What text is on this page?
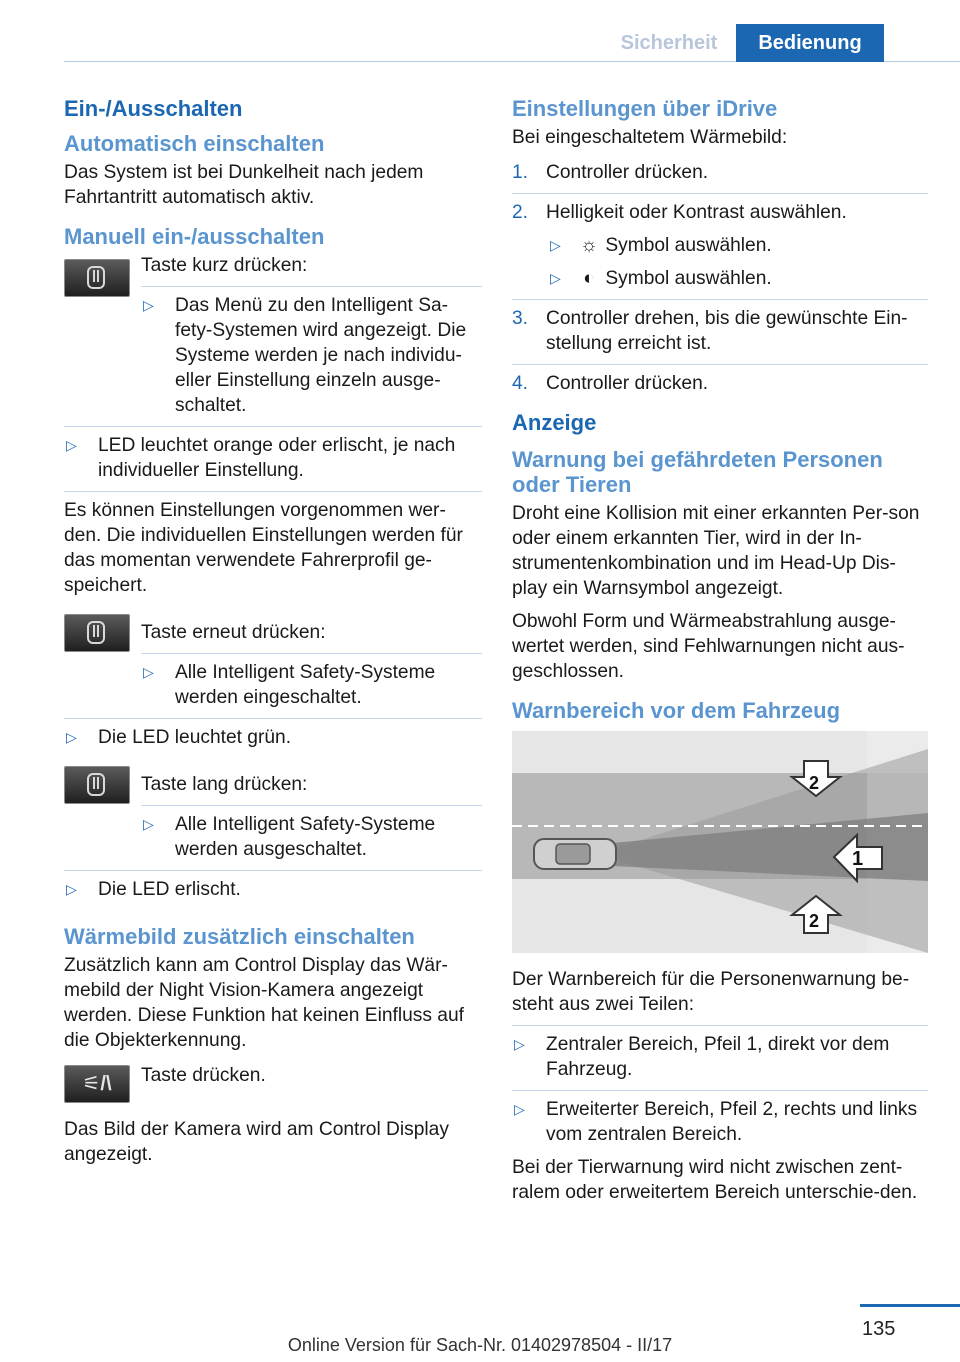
Sicherheit	Bedienung
Ein-/Ausschalten
Automatisch einschalten
Das System ist bei Dunkelheit nach jedem Fahrtantritt automatisch aktiv.
Manuell ein-/ausschalten
Taste kurz drücken:
▷ Das Menü zu den Intelligent Sa-fety-Systemen wird angezeigt. Die Systeme werden je nach individu-eller Einstellung einzeln ausge-schaltet.
▷ LED leuchtet orange oder erlischt, je nach individueller Einstellung.
Es können Einstellungen vorgenommen wer-den. Die individuellen Einstellungen werden für das momentan verwendete Fahrerprofil ge-speichert.
Taste erneut drücken:
▷ Alle Intelligent Safety-Systeme werden eingeschaltet.
▷ Die LED leuchtet grün.
Taste lang drücken:
▷ Alle Intelligent Safety-Systeme werden ausgeschaltet.
▷ Die LED erlischt.
Wärmebild zusätzlich einschalten
Zusätzlich kann am Control Display das Wär-mebild der Night Vision-Kamera angezeigt werden. Diese Funktion hat keinen Einfluss auf die Objekterkennung.
⚟/\	Taste drücken.
Das Bild der Kamera wird am Control Display angezeigt.
Einstellungen über iDrive
Bei eingeschaltetem Wärmebild:
1. Controller drücken.
2. Helligkeit oder Kontrast auswählen.
▷ ☼ Symbol auswählen.
▷ ◐ Symbol auswählen.
3. Controller drehen, bis die gewünschte Ein-stellung erreicht ist.
4. Controller drücken.
Anzeige
Warnung bei gefährdeten Personen oder Tieren
Droht eine Kollision mit einer erkannten Per-son oder einem erkannten Tier, wird in der In-strumentenkombination und im Head-Up Dis-play ein Warnsymbol angezeigt.
Obwohl Form und Wärmeabstrahlung ausge-wertet werden, sind Fehlwarnungen nicht aus-geschlossen.
Warnbereich vor dem Fahrzeug
1
2
2
Der Warnbereich für die Personenwarnung be-steht aus zwei Teilen:
▷ Zentraler Bereich, Pfeil 1, direkt vor dem Fahrzeug.
▷ Erweiterter Bereich, Pfeil 2, rechts und links vom zentralen Bereich.
Bei der Tierwarnung wird nicht zwischen zent-ralem oder erweitertem Bereich unterschie-den.
135
Online Version für Sach-Nr. 01402978504 - II/17
